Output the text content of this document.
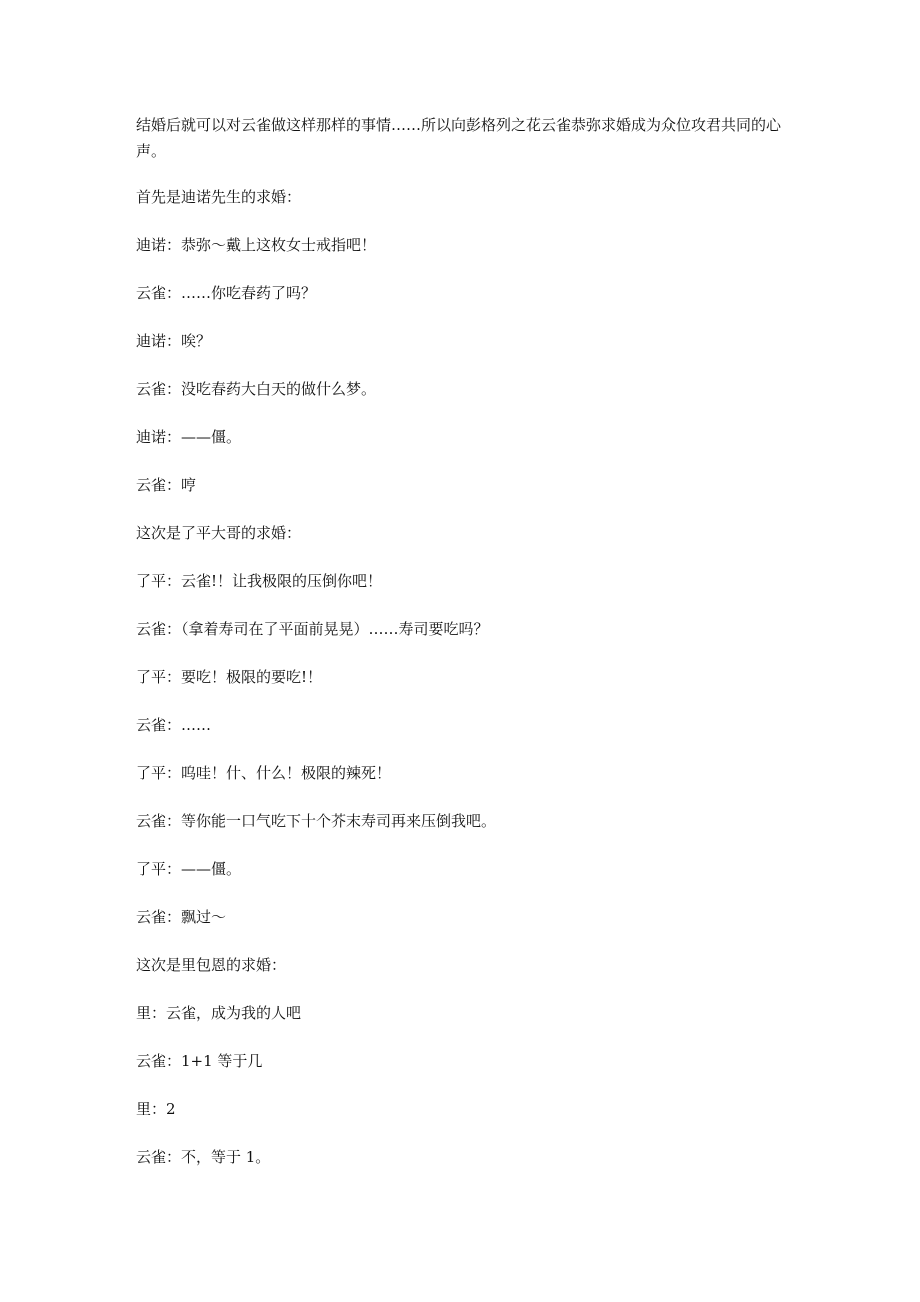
结婚后就可以对云雀做这样那样的事情……所以向彭格列之花云雀恭弥求婚成为众位攻君共同的心声。

首先是迪诺先生的求婚：

迪诺：恭弥～戴上这枚女士戒指吧！

云雀：……你吃春药了吗？

迪诺：唉？

云雀：没吃春药大白天的做什么梦。

迪诺：——僵。

云雀：哼

这次是了平大哥的求婚：

了平：云雀!！让我极限的压倒你吧！

云雀：（拿着寿司在了平面前晃晃）……寿司要吃吗？

了平：要吃！极限的要吃!！

云雀：……

了平：呜哇！什、什么！极限的辣死！

云雀：等你能一口气吃下十个芥末寿司再来压倒我吧。

了平：——僵。

云雀：飘过～

这次是里包恩的求婚：

里：云雀，成为我的人吧

云雀：1+1 等于几

里：2

云雀：不，等于 1。
